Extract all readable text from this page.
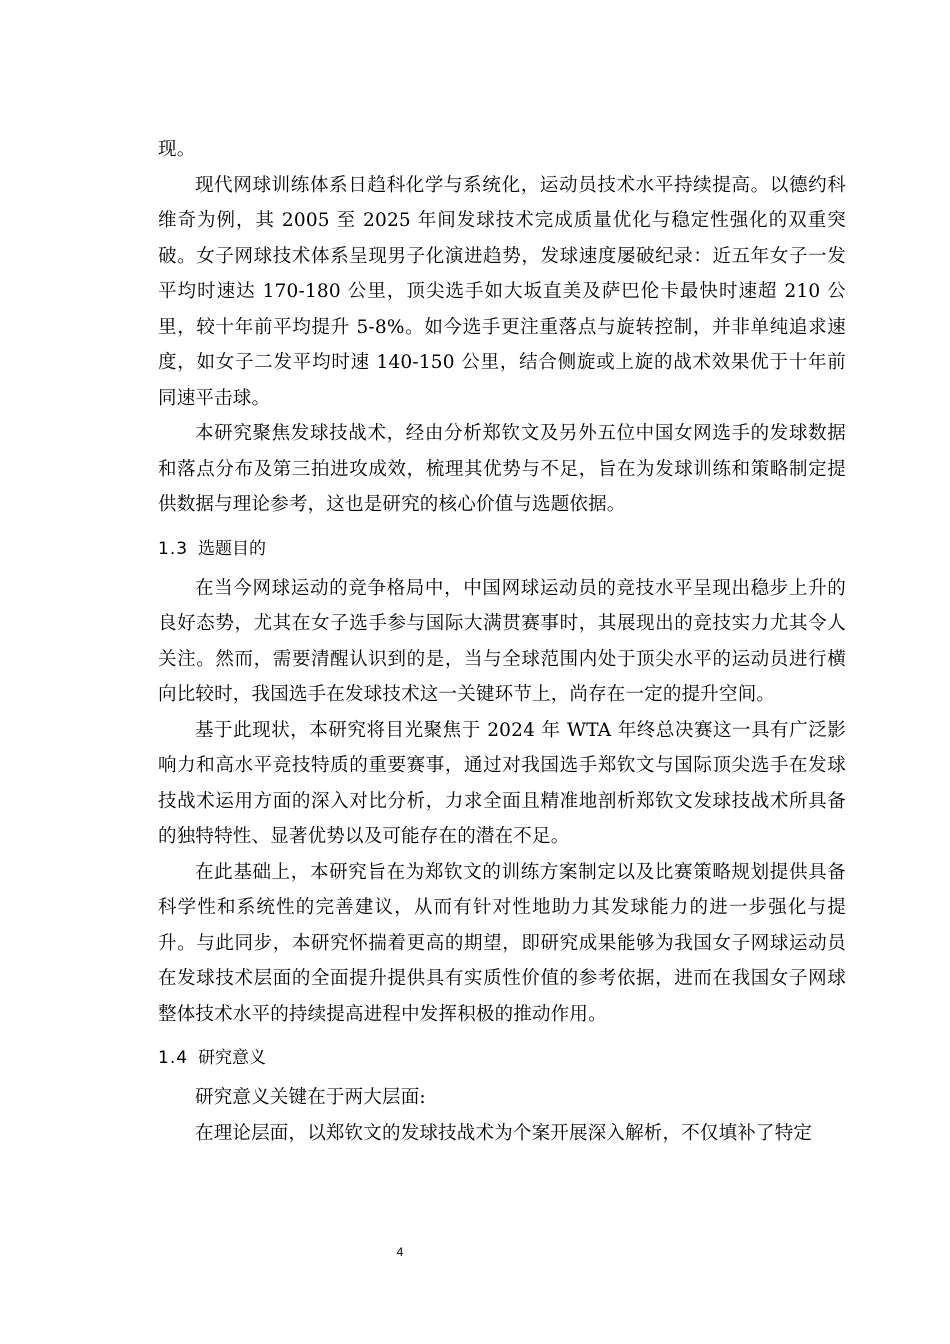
现。

现代网球训练体系日趋科化学与系统化，运动员技术水平持续提高。以德约科维奇为例，其 2005 至 2025 年间发球技术完成质量优化与稳定性强化的双重突破。女子网球技术体系呈现男子化演进趋势，发球速度屡破纪录：近五年女子一发平均时速达 170-180 公里，顶尖选手如大坂直美及萨巴伦卡最快时速超 210 公里，较十年前平均提升 5-8%。如今选手更注重落点与旋转控制，并非单纯追求速度，如女子二发平均时速 140-150 公里，结合侧旋或上旋的战术效果优于十年前同速平击球。

本研究聚焦发球技战术，经由分析郑钦文及另外五位中国女网选手的发球数据和落点分布及第三拍进攻成效，梳理其优势与不足，旨在为发球训练和策略制定提供数据与理论参考，这也是研究的核心价值与选题依据。

1.3 选题目的

在当今网球运动的竞争格局中，中国网球运动员的竞技水平呈现出稳步上升的良好态势，尤其在女子选手参与国际大满贯赛事时，其展现出的竞技实力尤其令人关注。然而，需要清醒认识到的是，当与全球范围内处于顶尖水平的运动员进行横向比较时，我国选手在发球技术这一关键环节上，尚存在一定的提升空间。

基于此现状，本研究将目光聚焦于 2024 年 WTA 年终总决赛这一具有广泛影响力和高水平竞技特质的重要赛事，通过对我国选手郑钦文与国际顶尖选手在发球技战术运用方面的深入对比分析，力求全面且精准地剖析郑钦文发球技战术所具备的独特特性、显著优势以及可能存在的潜在不足。

在此基础上，本研究旨在为郑钦文的训练方案制定以及比赛策略规划提供具备科学性和系统性的完善建议，从而有针对性地助力其发球能力的进一步强化与提升。与此同步，本研究怀揣着更高的期望，即研究成果能够为我国女子网球运动员在发球技术层面的全面提升提供具有实质性价值的参考依据，进而在我国女子网球整体技术水平的持续提高进程中发挥积极的推动作用。

1.4 研究意义

研究意义关键在于两大层面:

在理论层面，以郑钦文的发球技战术为个案开展深入解析，不仅填补了特定

4
